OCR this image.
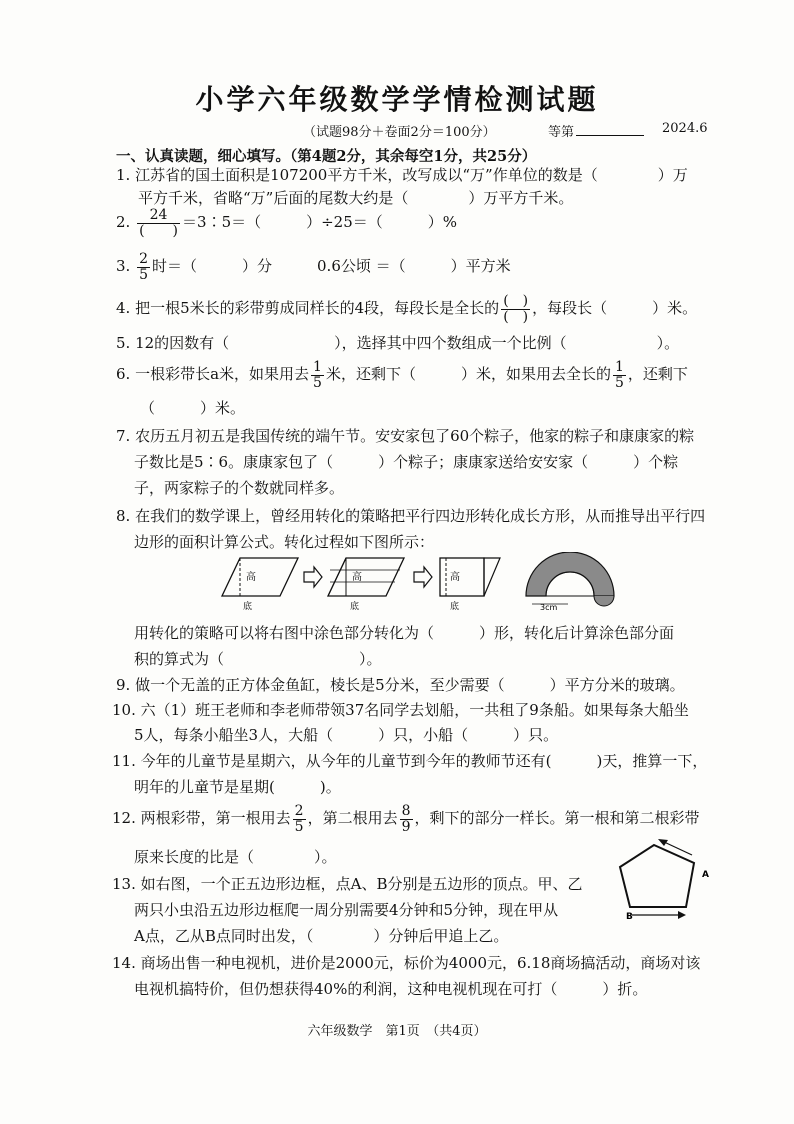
小学六年级数学学情检测试题
（试题98分＋卷面2分＝100分）	等第	2024.6
一、认真读题，细心填写。（第4题2分，其余每空1分，共25分）
1. 江苏省的国土面积是107200平方千米，改写成以“万”作单位的数是（　　　　）万
平方千米，省略“万”后面的尾数大约是（　　　　）万平方千米。
2. $\frac{24}{( )}$ ＝3∶5＝（　　　）÷25＝（　　　）%
3. $\frac{2}{5}$ 时＝（　　　）分　　　0.6公顷 ＝（　　　）平方米
4. 把一根5米长的彩带剪成同样长的4段，每段长是全长的 $\frac{( )}{( )}$ ，每段长（　　　）米。
5. 12的因数有（　　　　　　　），选择其中四个数组成一个比例（　　　　　　）。
6. 一根彩带长a米，如果用去 $\frac{1}{5}$ 米，还剩下（　　　）米，如果用去全长的 $\frac{1}{5}$ ，还剩下
（　　　）米。
7. 农历五月初五是我国传统的端午节。安安家包了60个粽子，他家的粽子和康康家的粽
子数比是5∶6。康康家包了（　　　）个粽子；康康家送给安安家（　　　）个粽
子，两家粽子的个数就同样多。
8. 在我们的数学课上，曾经用转化的策略把平行四边形转化成长方形，从而推导出平行四
边形的面积计算公式。转化过程如下图所示：
高
底
高
底
高
底	3cm
用转化的策略可以将右图中涂色部分转化为（　　　）形，转化后计算涂色部分面
积的算式为（　　　　　　　　　）。
9. 做一个无盖的正方体金鱼缸，棱长是5分米，至少需要（　　　）平方分米的玻璃。
10. 六（1）班王老师和李老师带领37名同学去划船，一共租了9条船。如果每条大船坐
5人，每条小船坐3人，大船（　　　）只，小船（　　　）只。
11. 今年的儿童节是星期六，从今年的儿童节到今年的教师节还有(　　　)天，推算一下，
明年的儿童节是星期(　　　)。
12. 两根彩带，第一根用去 $\frac{2}{5}$ ，第二根用去 $\frac{8}{9}$ ，剩下的部分一样长。第一根和第二根彩带
原来长度的比是（　　　　）。
13. 如右图，一个正五边形边框，点A、B分别是五边形的顶点。甲、乙
两只小虫沿五边形边框爬一周分别需要4分钟和5分钟，现在甲从
A点，乙从B点同时出发，（　　　　）分钟后甲追上乙。
A
B
14. 商场出售一种电视机，进价是2000元，标价为4000元，6.18商场搞活动，商场对该
电视机搞特价，但仍想获得40%的利润，这种电视机现在可打（　　　）折。
六年级数学　第1页　（共4页）
